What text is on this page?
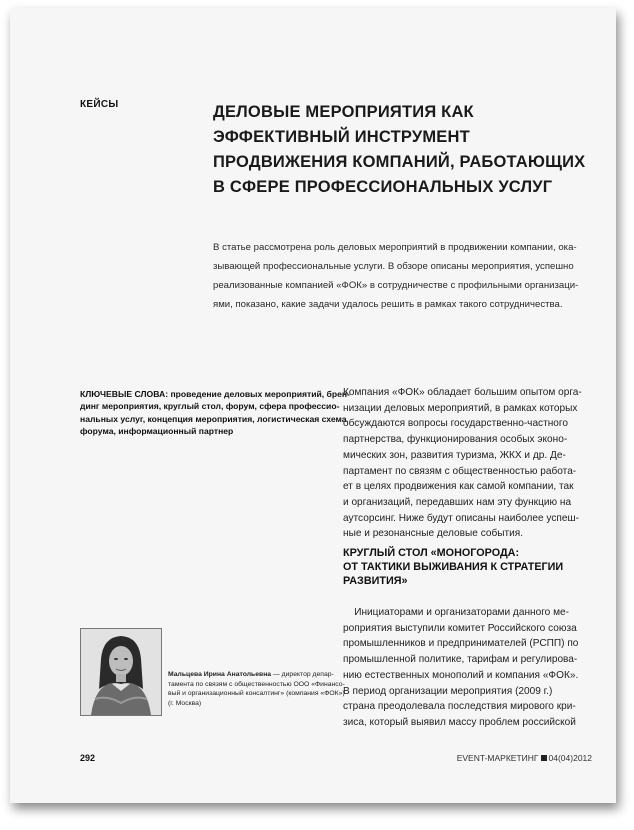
КЕЙСЫ	ДЕЛОВЫЕ МЕРОПРИЯТИЯ КАК
ЭФФЕКТИВНЫЙ ИНСТРУМЕНТ
ПРОДВИЖЕНИЯ КОМПАНИЙ, РАБОТАЮЩИХ
В СФЕРЕ ПРОФЕССИОНАЛЬНЫХ УСЛУГ
В статье рассмотрена роль деловых мероприятий в продвижении компании, ока-
зывающей профессиональные услуги. В обзоре описаны мероприятия, успешно
реализованные компанией «ФОК» в сотрудничестве с профильными организаци-
ями, показано, какие задачи удалось решить в рамках такого сотрудничества.
КЛЮЧЕВЫЕ СЛОВА: проведение деловых мероприятий, брен-
динг мероприятия, круглый стол, форум, сфера профессио-
нальных услуг, концепция мероприятия, логистическая схема
форума, информационный партнер
Компания «ФОК» обладает большим опытом орга-
низации деловых мероприятий, в рамках которых
обсуждаются вопросы государственно-частного
партнерства, функционирования особых эконо-
мических зон, развития туризма, ЖКХ и др. Де-
партамент по связям с общественностью работа-
ет в целях продвижения как самой компании, так
и организаций, передавших нам эту функцию на
аутсорсинг. Ниже будут описаны наиболее успеш-
ные и резонансные деловые события.
КРУГЛЫЙ СТОЛ «МОНОГОРОДА:
ОТ ТАКТИКИ ВЫЖИВАНИЯ К СТРАТЕГИИ
РАЗВИТИЯ»
Инициаторами и организаторами данного ме-
роприятия выступили комитет Российского союза
промышленников и предпринимателей (РСПП) по
промышленной политике, тарифам и регулирова-
нию естественных монополий и компания «ФОК».
В период организации мероприятия (2009 г.)
страна преодолевала последствия мирового кри-
зиса, который выявил массу проблем российской
Мальцева Ирина Анатольевна — директор депар-
тамента по связям с общественностью ООО «Финансо-
вый и организационный консалтинг» (компания «ФОК»)
(г. Москва)
292	EVENT-МАРКЕТИНГ 04(04)2012
